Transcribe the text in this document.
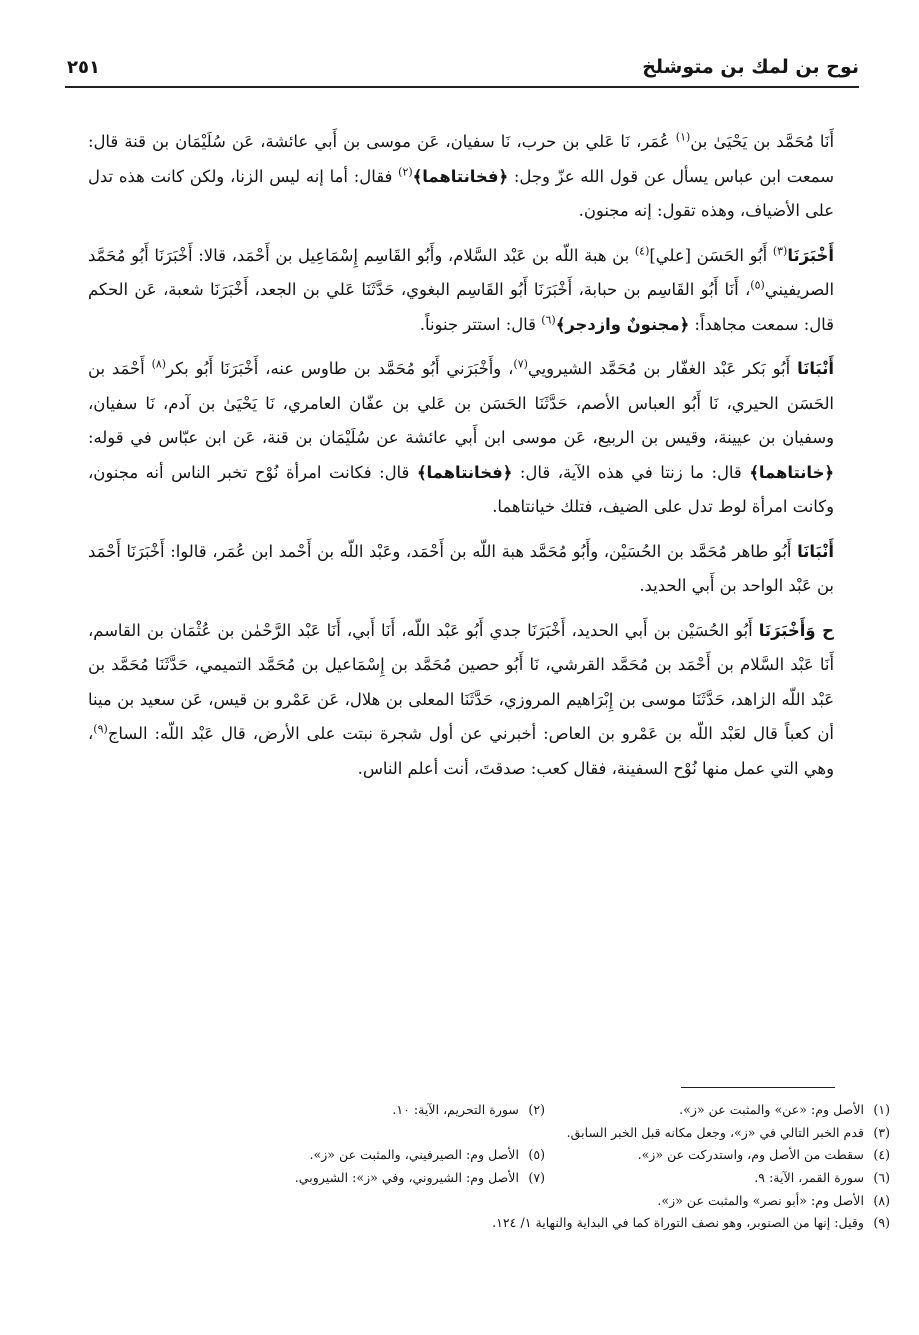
نوح بن لمك بن متوشلخ
٢٥١

أَنَا مُحَمَّد بن يَحْيَىٰ بن$^{(١)}$ عُمَر، نَا عَلي بن حرب، نَا سفيان، عَن موسى بن أَبي عائشة، عَن سُلَيْمَان بن قنة قال: سمعت ابن عباس يسأل عن قول الله عزّ وجل: ﴿فخانتاهما﴾$^{(٢)}$ فقال: أما إنه ليس الزنا، ولكن كانت هذه تدل على الأضياف، وهذه تقول: إنه مجنون.

أَخْبَرَنَا$^{(٣)}$ أَبُو الحَسَن [علي]$^{(٤)}$ بن هبة اللّه بن عَبْد السَّلام، وأَبُو القَاسِم إِسْمَاعِيل بن أَحْمَد، قالا: أَخْبَرَنَا أَبُو مُحَمَّد الصريفيني$^{(٥)}$، أَنَا أَبُو القَاسِم بن حبابة، أَخْبَرَنَا أَبُو القَاسِم البغوي، حَدَّثَنَا عَلي بن الجعد، أَخْبَرَنَا شعبة، عَن الحكم قال: سمعت مجاهداً: ﴿مجنونٌ وازدجر﴾$^{(٦)}$ قال: استتر جنوناً.

أَنْبَانَا أَبُو بَكر عَبْد الغفّار بن مُحَمَّد الشيرويي$^{(٧)}$، وأَخْبَرَني أَبُو مُحَمَّد بن طاوس عنه، أَخْبَرَنَا أَبُو بكر$^{(٨)}$ أَحْمَد بن الحَسَن الحيري، نَا أَبُو العباس الأصم، حَدَّثَنَا الحَسَن بن عَلي بن عفّان العامري، نَا يَحْيَىٰ بن آدم، نَا سفيان، وسفيان بن عيينة، وقيس بن الربيع، عَن موسى ابن أَبي عائشة عن سُلَيْمَان بن قنة، عَن ابن عبّاس في قوله: ﴿خانتاهما﴾ قال: ما زنتا في هذه الآية، قال: ﴿فخانتاهما﴾ قال: فكانت امرأة نُوْح تخبر الناس أنه مجنون، وكانت امرأة لوط تدل على الضيف، فتلك خيانتاهما.

أَنْبَانَا أَبُو طاهر مُحَمَّد بن الحُسَيْن، وأَبُو مُحَمَّد هبة اللّه بن أَحْمَد، وعَبْد اللّه بن أَحْمد ابن عُمَر، قالوا: أَخْبَرَنَا أَحْمَد بن عَبْد الواحد بن أَبي الحديد.

ح وَأَخْبَرَنَا أَبُو الحُسَيْن بن أَبي الحديد، أَخْبَرَنَا جدي أَبُو عَبْد اللّه، أَنَا أَبي، أَنَا عَبْد الرَّحْمٰن بن عُثْمَان بن القاسم، أَنَا عَبْد السَّلام بن أَحْمَد بن مُحَمَّد القرشي، نَا أَبُو حصين مُحَمَّد بن إِسْمَاعيل بن مُحَمَّد التميمي، حَدَّثَنَا مُحَمَّد بن عَبْد اللّه الزاهد، حَدَّثَنَا موسى بن إِبْرَاهيم المروزي، حَدَّثَنَا المعلى بن هلال، عَن عَمْرو بن قيس، عَن سعيد بن مينا أن كعباً قال لعَبْد اللّه بن عَمْرو بن العاص: أخبرني عن أول شجرة نبتت على الأرض، قال عَبْد اللّه: الساج$^{(٩)}$، وهي التي عمل منها نُوْح السفينة، فقال كعب: صدقتَ، أنت أعلم الناس.

(١)الأصل وم: «عن» والمثبت عن «ز».
(٢)سورة التحريم، الآية: ١٠.
(٣)قدم الخبر التالي في «ز»، وجعل مكانه قبل الخبر السابق.
(٤)سقطت من الأصل وم، واستدركت عن «ز».
(٥)الأصل وم: الصيرفيني، والمثبت عن «ز».
(٦)سورة القمر، الآية: ٩.
(٧)الأصل وم: الشيروني، وفي «ز»: الشيروبي.
(٨)الأصل وم: «أبو نصر» والمثبت عن «ز».
(٩)وقيل: إنها من الصنوبر، وهو نصف التوراة كما في البداية والنهاية ١/ ١٢٤.
